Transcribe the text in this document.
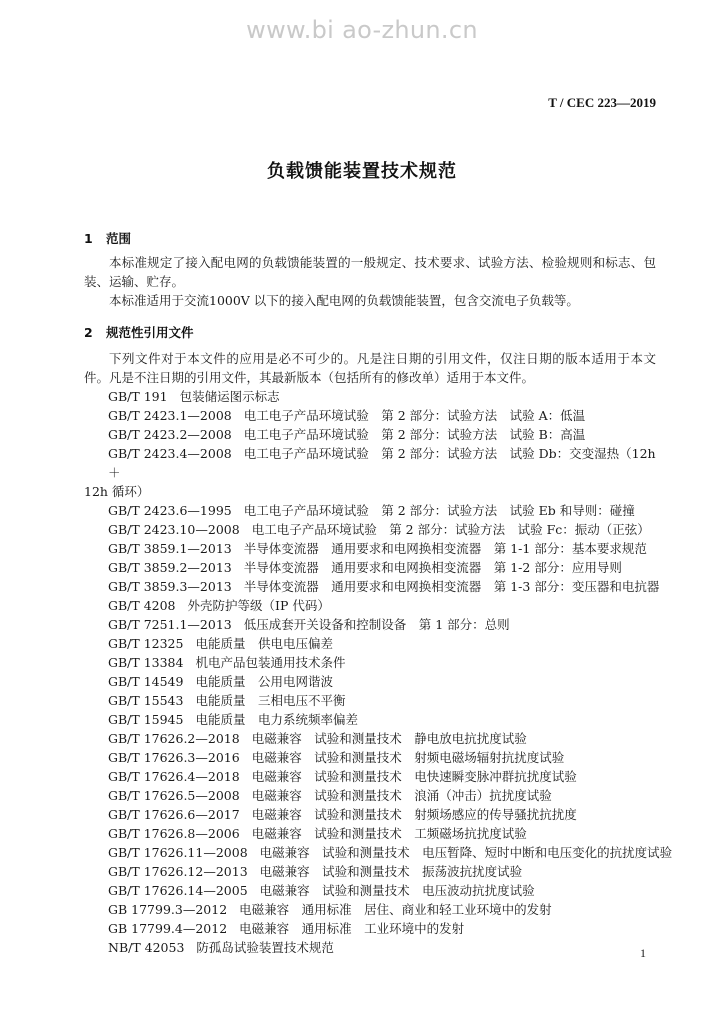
www.bi ao-zhun.cn
T / CEC 223—2019
负载馈能装置技术规范
1 范围
本标准规定了接入配电网的负载馈能装置的一般规定、技术要求、试验方法、检验规则和标志、包装、运输、贮存。
本标准适用于交流1000V 以下的接入配电网的负载馈能装置，包含交流电子负载等。
2 规范性引用文件
下列文件对于本文件的应用是必不可少的。凡是注日期的引用文件，仅注日期的版本适用于本文件。凡是不注日期的引用文件，其最新版本（包括所有的修改单）适用于本文件。
GB/T 191 包装储运图示标志
GB/T 2423.1—2008 电工电子产品环境试验　第 2 部分：试验方法　试验 A：低温
GB/T 2423.2—2008 电工电子产品环境试验　第 2 部分：试验方法　试验 B：高温
GB/T 2423.4—2008 电工电子产品环境试验　第 2 部分：试验方法　试验 Db：交变湿热（12h＋
12h 循环）
GB/T 2423.6—1995 电工电子产品环境试验　第 2 部分：试验方法　试验 Eb 和导则：碰撞
GB/T 2423.10—2008 电工电子产品环境试验　第 2 部分：试验方法　试验 Fc：振动（正弦）
GB/T 3859.1—2013 半导体变流器　通用要求和电网换相变流器　第 1-1 部分：基本要求规范
GB/T 3859.2—2013 半导体变流器　通用要求和电网换相变流器　第 1-2 部分：应用导则
GB/T 3859.3—2013 半导体变流器　通用要求和电网换相变流器　第 1-3 部分：变压器和电抗器
GB/T 4208 外壳防护等级（IP 代码）
GB/T 7251.1—2013 低压成套开关设备和控制设备　第 1 部分：总则
GB/T 12325 电能质量　供电电压偏差
GB/T 13384 机电产品包装通用技术条件
GB/T 14549 电能质量　公用电网谐波
GB/T 15543 电能质量　三相电压不平衡
GB/T 15945 电能质量　电力系统频率偏差
GB/T 17626.2—2018 电磁兼容　试验和测量技术　静电放电抗扰度试验
GB/T 17626.3—2016 电磁兼容　试验和测量技术　射频电磁场辐射抗扰度试验
GB/T 17626.4—2018 电磁兼容　试验和测量技术　电快速瞬变脉冲群抗扰度试验
GB/T 17626.5—2008 电磁兼容　试验和测量技术　浪涌（冲击）抗扰度试验
GB/T 17626.6—2017 电磁兼容　试验和测量技术　射频场感应的传导骚扰抗扰度
GB/T 17626.8—2006 电磁兼容　试验和测量技术　工频磁场抗扰度试验
GB/T 17626.11—2008 电磁兼容　试验和测量技术　电压暂降、短时中断和电压变化的抗扰度试验
GB/T 17626.12—2013 电磁兼容　试验和测量技术　振荡波抗扰度试验
GB/T 17626.14—2005 电磁兼容　试验和测量技术　电压波动抗扰度试验
GB 17799.3—2012 电磁兼容　通用标准　居住、商业和轻工业环境中的发射
GB 17799.4—2012 电磁兼容　通用标准　工业环境中的发射
NB/T 42053 防孤岛试验装置技术规范	1
